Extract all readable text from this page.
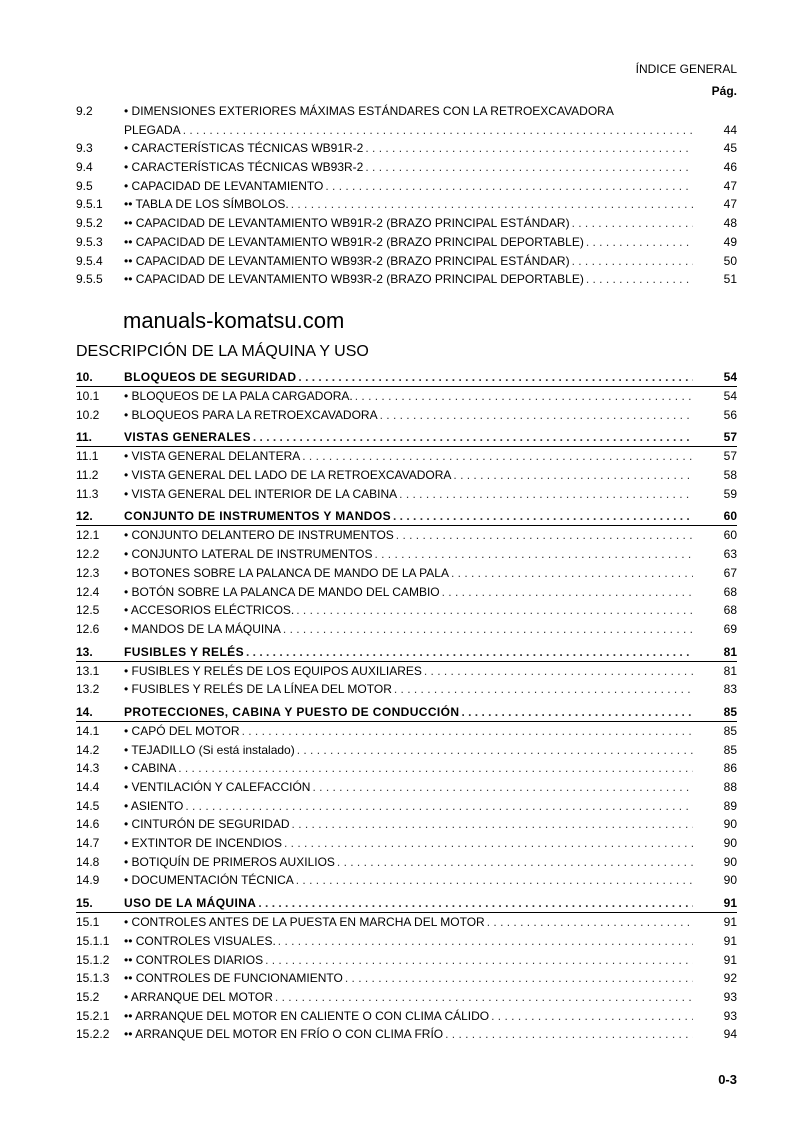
ÍNDICE GENERAL
Pág.
9.2	• DIMENSIONES EXTERIORES MÁXIMAS ESTÁNDARES CON LA RETROEXCAVADORA
PLEGADA . . .	44
9.3	• CARACTERÍSTICAS TÉCNICAS WB91R-2 . . .	45
9.4	• CARACTERÍSTICAS TÉCNICAS WB93R-2 . . .	46
9.5	• CAPACIDAD DE LEVANTAMIENTO . . .	47
9.5.1	•• TABLA DE LOS SÍMBOLOS. . . .	47
9.5.2	•• CAPACIDAD DE LEVANTAMIENTO WB91R-2 (BRAZO PRINCIPAL ESTÁNDAR) . . .	48
9.5.3	•• CAPACIDAD DE LEVANTAMIENTO WB91R-2 (BRAZO PRINCIPAL DEPORTABLE) . . .	49
9.5.4	•• CAPACIDAD DE LEVANTAMIENTO WB93R-2 (BRAZO PRINCIPAL ESTÁNDAR) . . .	50
9.5.5	•• CAPACIDAD DE LEVANTAMIENTO WB93R-2 (BRAZO PRINCIPAL DEPORTABLE) . . .	51
manuals-komatsu.com
DESCRIPCIÓN DE LA MÁQUINA Y USO
10.	BLOQUEOS DE SEGURIDAD . . .	54
10.1	• BLOQUEOS DE LA PALA CARGADORA. . . .	54
10.2	• BLOQUEOS PARA LA RETROEXCAVADORA . . .	56
11.	VISTAS GENERALES . . .	57
11.1	• VISTA GENERAL DELANTERA . . .	57
11.2	• VISTA GENERAL DEL LADO DE LA RETROEXCAVADORA . . .	58
11.3	• VISTA GENERAL DEL INTERIOR DE LA CABINA . . .	59
12.	CONJUNTO DE INSTRUMENTOS Y MANDOS . . .	60
12.1	• CONJUNTO DELANTERO DE INSTRUMENTOS . . .	60
12.2	• CONJUNTO LATERAL DE INSTRUMENTOS . . .	63
12.3	• BOTONES SOBRE LA PALANCA DE MANDO DE LA PALA . . .	67
12.4	• BOTÓN SOBRE LA PALANCA DE MANDO DEL CAMBIO . . .	68
12.5	• ACCESORIOS ELÉCTRICOS. . . .	68
12.6	• MANDOS DE LA MÁQUINA . . .	69
13.	FUSIBLES Y RELÉS . . .	81
13.1	• FUSIBLES Y RELÉS DE LOS EQUIPOS AUXILIARES . . .	81
13.2	• FUSIBLES Y RELÉS DE LA LÍNEA DEL MOTOR . . .	83
14.	PROTECCIONES, CABINA Y PUESTO DE CONDUCCIÓN . . .	85
14.1	• CAPÓ DEL MOTOR . . .	85
14.2	• TEJADILLO (Si está instalado) . . .	85
14.3	• CABINA . . .	86
14.4	• VENTILACIÓN Y CALEFACCIÓN . . .	88
14.5	• ASIENTO . . .	89
14.6	• CINTURÓN DE SEGURIDAD . . .	90
14.7	• EXTINTOR DE INCENDIOS . . .	90
14.8	• BOTIQUÍN DE PRIMEROS AUXILIOS . . .	90
14.9	• DOCUMENTACIÓN TÉCNICA . . .	90
15.	USO DE LA MÁQUINA . . .	91
15.1	• CONTROLES ANTES DE LA PUESTA EN MARCHA DEL MOTOR . . .	91
15.1.1	•• CONTROLES VISUALES. . . .	91
15.1.2	•• CONTROLES DIARIOS . . .	91
15.1.3	•• CONTROLES DE FUNCIONAMIENTO . . .	92
15.2	• ARRANQUE DEL MOTOR . . .	93
15.2.1	•• ARRANQUE DEL MOTOR EN CALIENTE O CON CLIMA CÁLIDO . . .	93
15.2.2	•• ARRANQUE DEL MOTOR EN FRÍO O CON CLIMA FRÍO . . .	94
0-3
